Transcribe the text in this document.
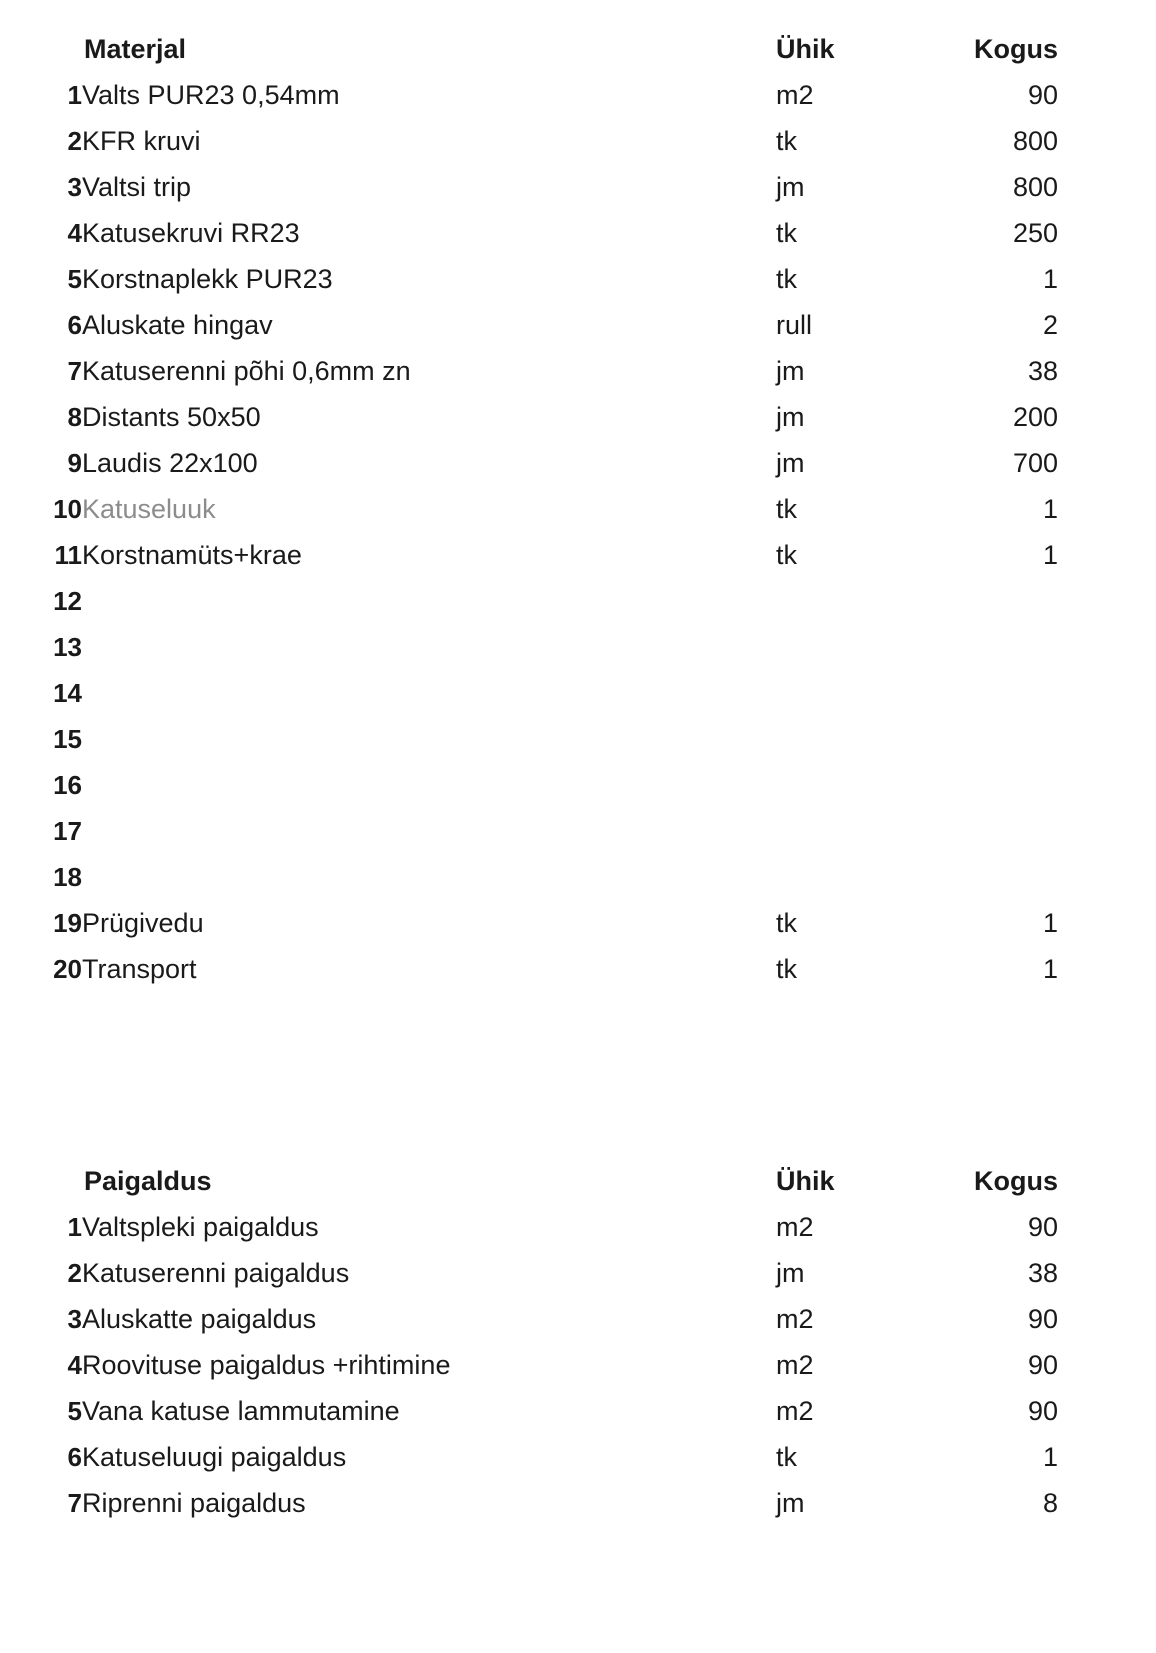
	Materjal	Ühik	Kogus
1	Valts PUR23 0,54mm	m2	90
2	KFR kruvi	tk	800
3	Valtsi trip	jm	800
4	Katusekruvi RR23	tk	250
5	Korstnaplekk PUR23	tk	1
6	Aluskate hingav	rull	2
7	Katuserenni põhi 0,6mm zn	jm	38
8	Distants 50x50	jm	200
9	Laudis 22x100	jm	700
10	Katuseluuk	tk	1
11	Korstnamüts+krae	tk	1
12			
13			
14			
15			
16			
17			
18			
19	Prügivedu	tk	1
20	Transport	tk	1
	Paigaldus	Ühik	Kogus
1	Valtspleki paigaldus	m2	90
2	Katuserenni paigaldus	jm	38
3	Aluskatte paigaldus	m2	90
4	Roovituse paigaldus +rihtimine	m2	90
5	Vana katuse lammutamine	m2	90
6	Katuseluugi paigaldus	tk	1
7	Riprenni paigaldus	jm	8
